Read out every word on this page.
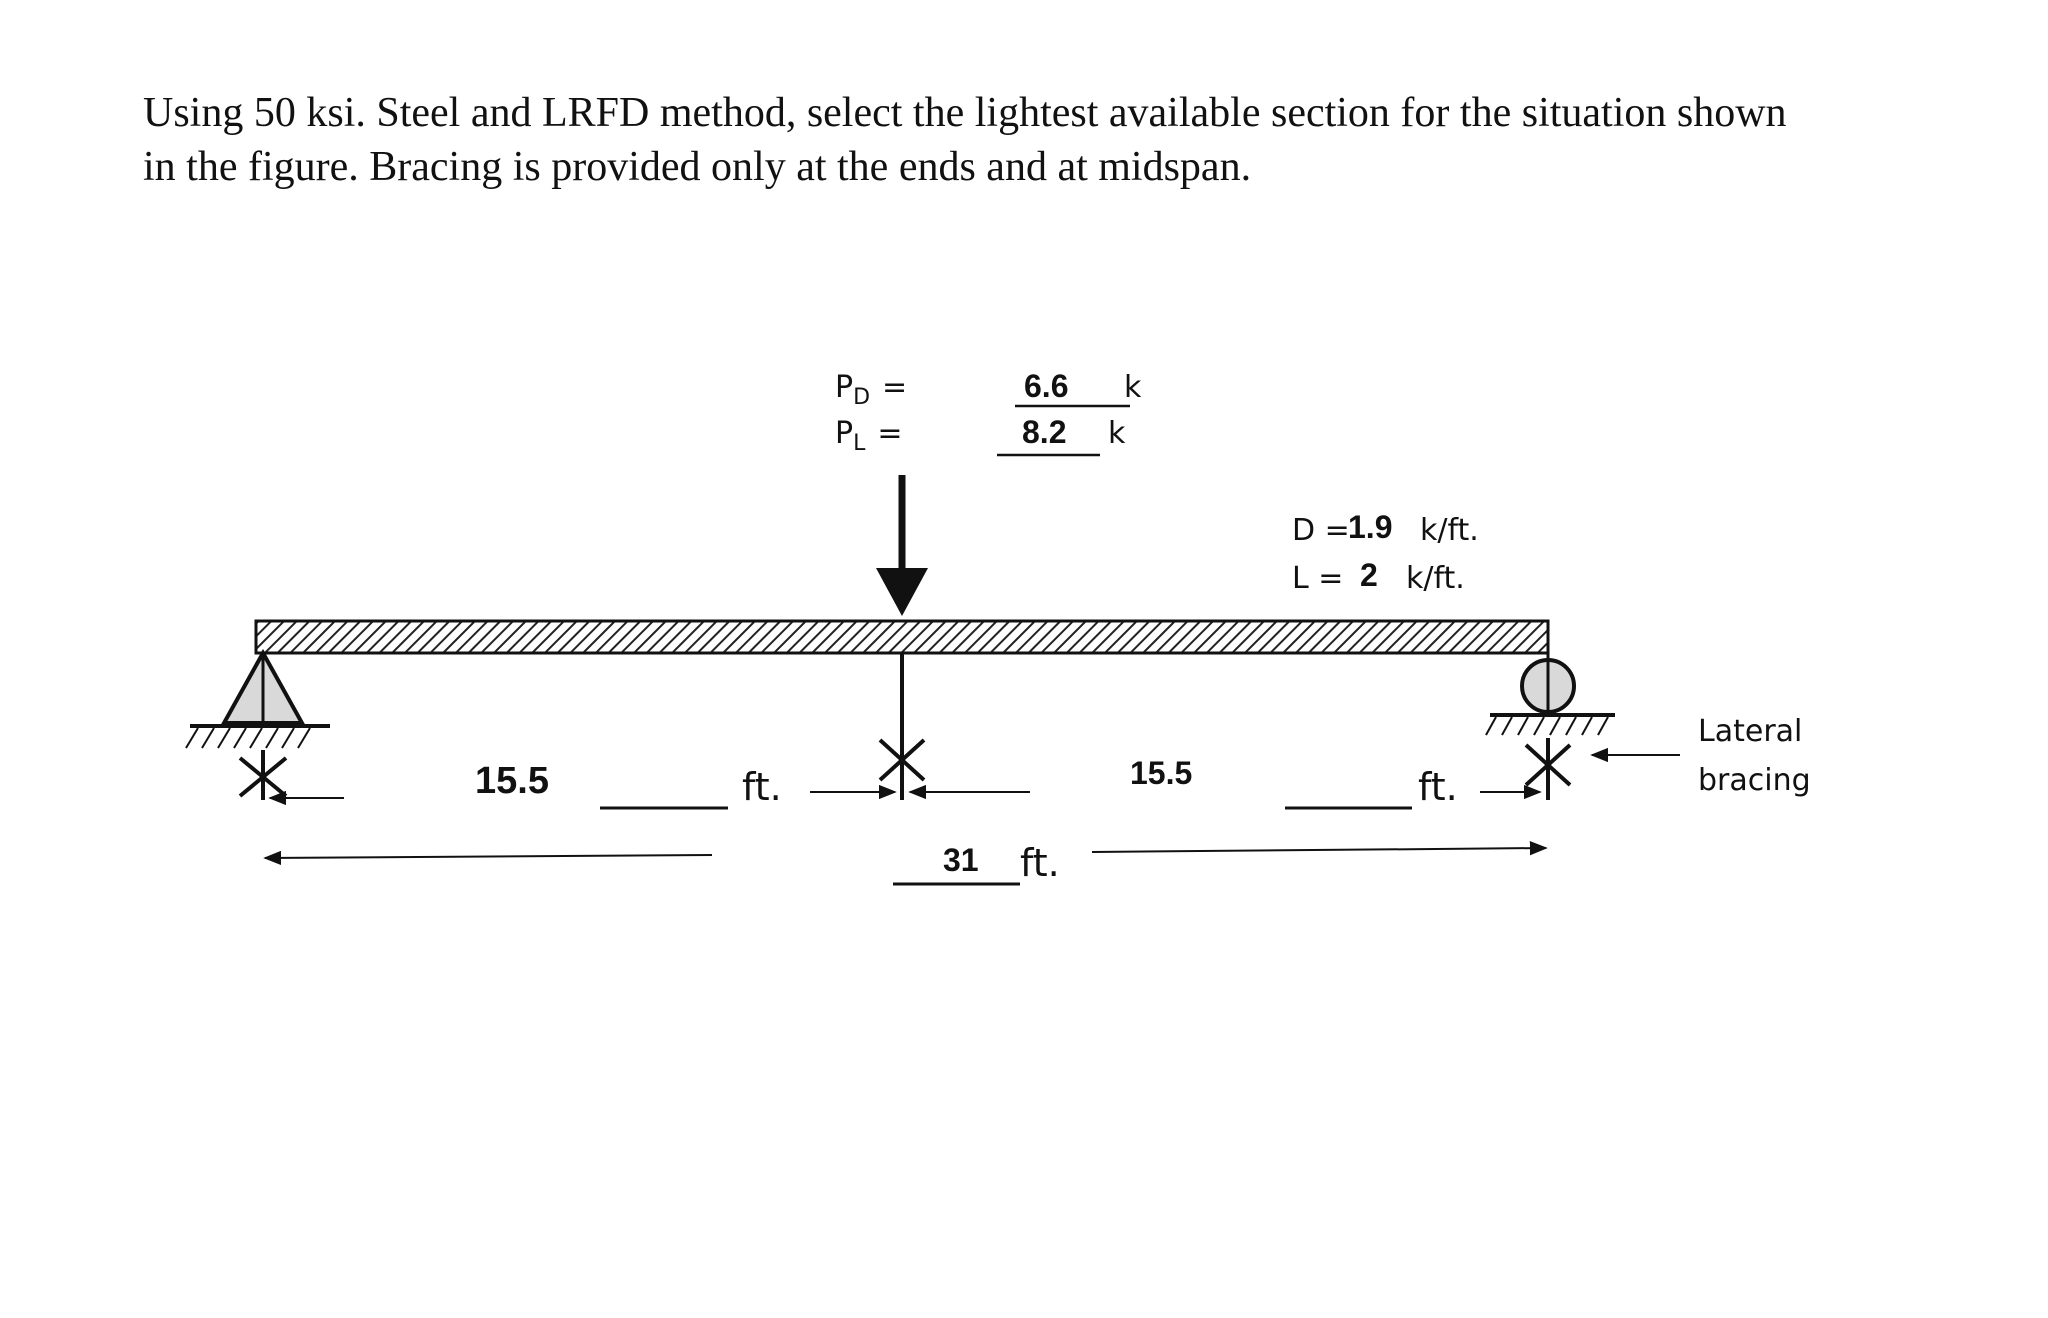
Using 50 ksi. Steel and LRFD method, select the lightest available section for the situation shown
in the figure. Bracing is provided only at the ends and at midspan.
$P_D$ =
$P_L$ =
6.6 k
8.2 k
D =
1.9 k/ft.
L = 2 k/ft.
Lateral
bracing
15.5	ft.	15.5	ft.
31 ft.
